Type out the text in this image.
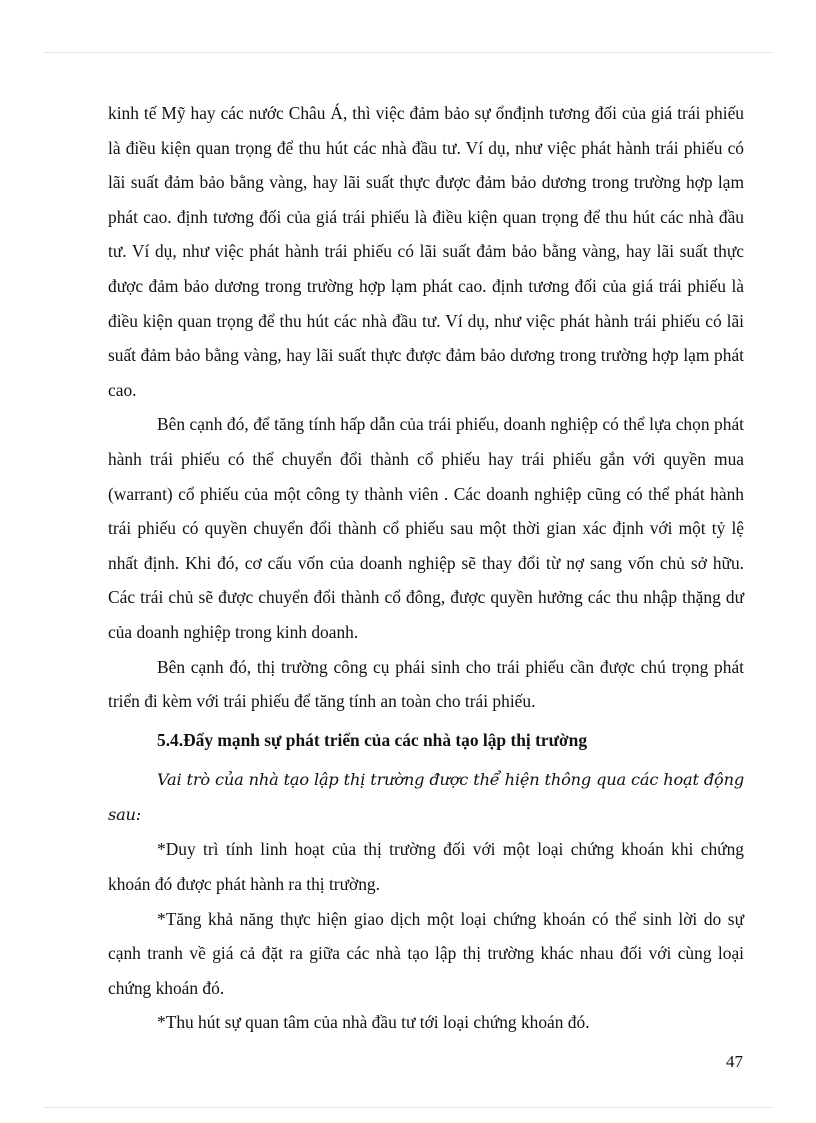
kinh tế Mỹ hay các nước Châu Á, thì việc đảm bảo sự ổnđịnh tương đối của giá trái phiếu là điều kiện quan trọng để thu hút các nhà đầu tư. Ví dụ, như việc phát hành trái phiếu có lãi suất đảm bảo bằng vàng, hay lãi suất thực được đảm bảo dương trong trường hợp lạm phát cao. định tương đối của giá trái phiếu là điều kiện quan trọng để thu hút các nhà đầu tư. Ví dụ, như việc phát hành trái phiếu có lãi suất đảm bảo bằng vàng, hay lãi suất thực được đảm bảo dương trong trường hợp lạm phát cao. định tương đối của giá trái phiếu là điều kiện quan trọng để thu hút các nhà đầu tư. Ví dụ, như việc phát hành trái phiếu có lãi suất đảm bảo bằng vàng, hay lãi suất thực được đảm bảo dương trong trường hợp lạm phát cao.

Bên cạnh đó, để tăng tính hấp dẫn của trái phiếu, doanh nghiệp có thể lựa chọn phát hành trái phiếu có thể chuyển đổi thành cổ phiếu hay trái phiếu gắn với quyền mua (warrant) cổ phiếu của một công ty thành viên . Các doanh nghiệp cũng có thể phát hành trái phiếu có quyền chuyển đổi thành cổ phiếu sau một thời gian xác định với một tỷ lệ nhất định. Khi đó, cơ cấu vốn của doanh nghiệp sẽ thay đổi từ nợ sang vốn chủ sở hữu. Các trái chủ sẽ được chuyển đổi thành cổ đông, được quyền hưởng các thu nhập thặng dư của doanh nghiệp trong kinh doanh.

Bên cạnh đó, thị trường công cụ phái sinh cho trái phiếu cần được chú trọng phát triển đi kèm với trái phiếu để tăng tính an toàn cho trái phiếu.

5.4.Đẩy mạnh sự phát triển của các nhà tạo lập thị trường

Vai trò của nhà tạo lập thị trường được thể hiện thông qua các hoạt động sau:

*Duy trì tính linh hoạt của thị trường đối với một loại chứng khoán khi chứng khoán đó được phát hành ra thị trường.

*Tăng khả năng thực hiện giao dịch một loại chứng khoán có thể sinh lời do sự cạnh tranh về giá cả đặt ra giữa các nhà tạo lập thị trường khác nhau đối với cùng loại chứng khoán đó.

*Thu hút sự quan tâm của nhà đầu tư tới loại chứng khoán đó.

47
